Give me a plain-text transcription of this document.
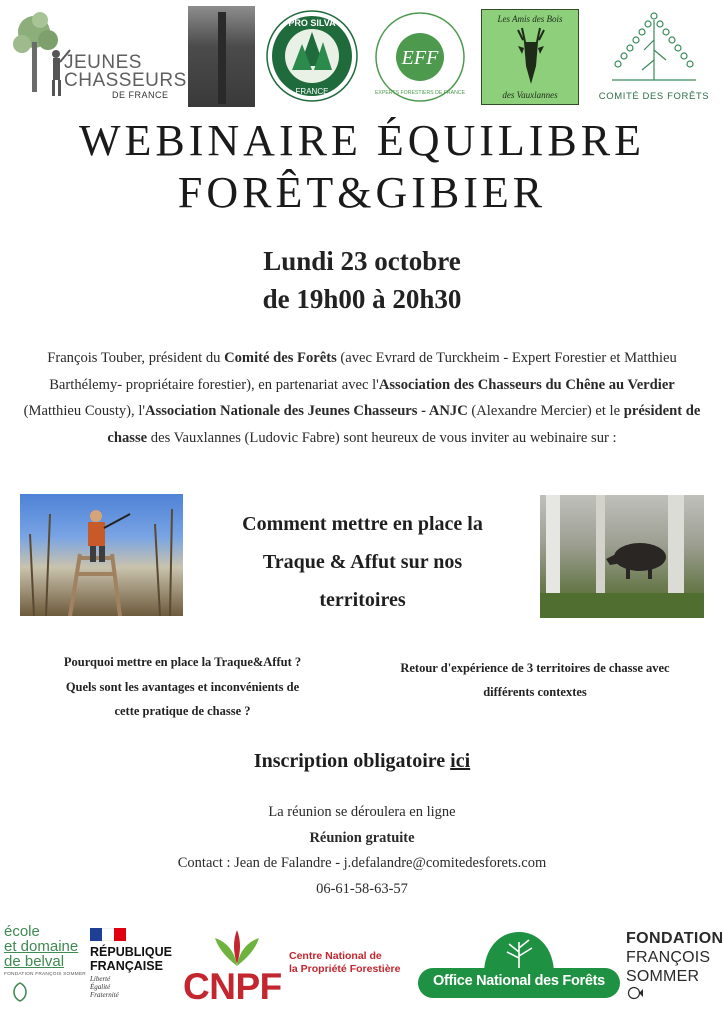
JEUNES
CHASSEURS
DE FRANCE
PRO SILVA
FRANCE
EFF
EXPERTS FORESTIERS DE FRANCE
Les Amis des Bois
des Vauxlannes	COMITÉ DES FORÊTS
WEBINAIRE ÉQUILIBRE
FORÊT&GIBIER
Lundi 23 octobre
de 19h00 à 20h30
François Touber, président du Comité des Forêts (avec Evrard de Turckheim - Expert Forestier et Matthieu Barthélemy- propriétaire forestier), en partenariat avec l'Association des Chasseurs du Chêne au Verdier (Matthieu Cousty), l'Association Nationale des Jeunes Chasseurs - ANJC (Alexandre Mercier) et le président de chasse des Vauxlannes (Ludovic Fabre) sont heureux de vous inviter au webinaire sur :
Comment mettre en place la
Traque & Affut sur nos
territoires
Pourquoi mettre en place la Traque&Affut ?
Quels sont les avantages et inconvénients de
cette pratique de chasse ?
Retour d'expérience de 3 territoires de chasse avec
différents contextes
Inscription obligatoire ici
La réunion se déroulera en ligne
Réunion gratuite
Contact : Jean de Falandre - j.defalandre@comitedesforets.com
06-61-58-63-57
école
et domaine
de belval
FONDATION FRANÇOIS SOMMER
RÉPUBLIQUE
FRANÇAISE
Liberté
Égalité
Fraternité	CNPF
Centre National de
la Propriété Forestière
Office National des Forêts
FONDATION
FRANÇOIS
SOMMER
